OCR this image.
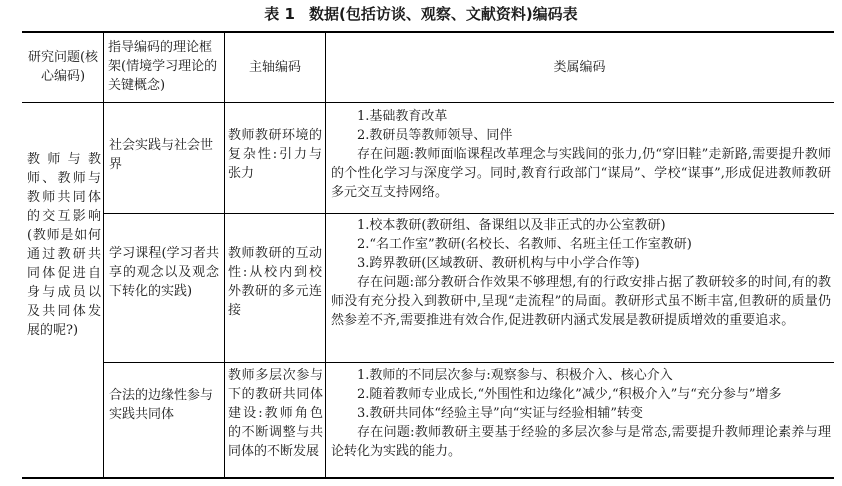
表 1 数据(包括访谈、观察、文献资料)编码表
研究问题(核心编码)
指导编码的理论框架(情境学习理论的关键概念)
主轴编码	类属编码
教师与教师、教师与教师共同体的交互影响(教师是如何通过教研共同体促进自身与成员以及共同体发展的呢?)
社会实践与社会世界
教师教研环境的复杂性:引力与张力

1.基础教育改革

2.教研员等教师领导、同伴

存在问题:教师面临课程改革理念与实践间的张力,仍“穿旧鞋”走新路,需要提升教师的个性化学习与深度学习。同时,教育行政部门“谋局”、学校“谋事”,形成促进教师教研多元交互支持网络。

学习课程(学习者共享的观念以及观念下转化的实践)
教师教研的互动性:从校内到校外教研的多元连接

1.校本教研(教研组、备课组以及非正式的办公室教研)

2.“名工作室”教研(名校长、名教师、名班主任工作室教研)

3.跨界教研(区域教研、教研机构与中小学合作等)

存在问题:部分教研合作效果不够理想,有的行政安排占据了教研较多的时间,有的教师没有充分投入到教研中,呈现“走流程”的局面。教研形式虽不断丰富,但教研的质量仍然参差不齐,需要推进有效合作,促进教研内涵式发展是教研提质增效的重要追求。

合法的边缘性参与实践共同体
教师多层次参与下的教研共同体建设:教师角色的不断调整与共同体的不断发展

1.教师的不同层次参与:观察参与、积极介入、核心介入

2.随着教师专业成长,“外围性和边缘化”减少,“积极介入”与“充分参与”增多

3.教研共同体“经验主导”向“实证与经验相辅”转变

存在问题:教师教研主要基于经验的多层次参与是常态,需要提升教师理论素养与理论转化为实践的能力。
